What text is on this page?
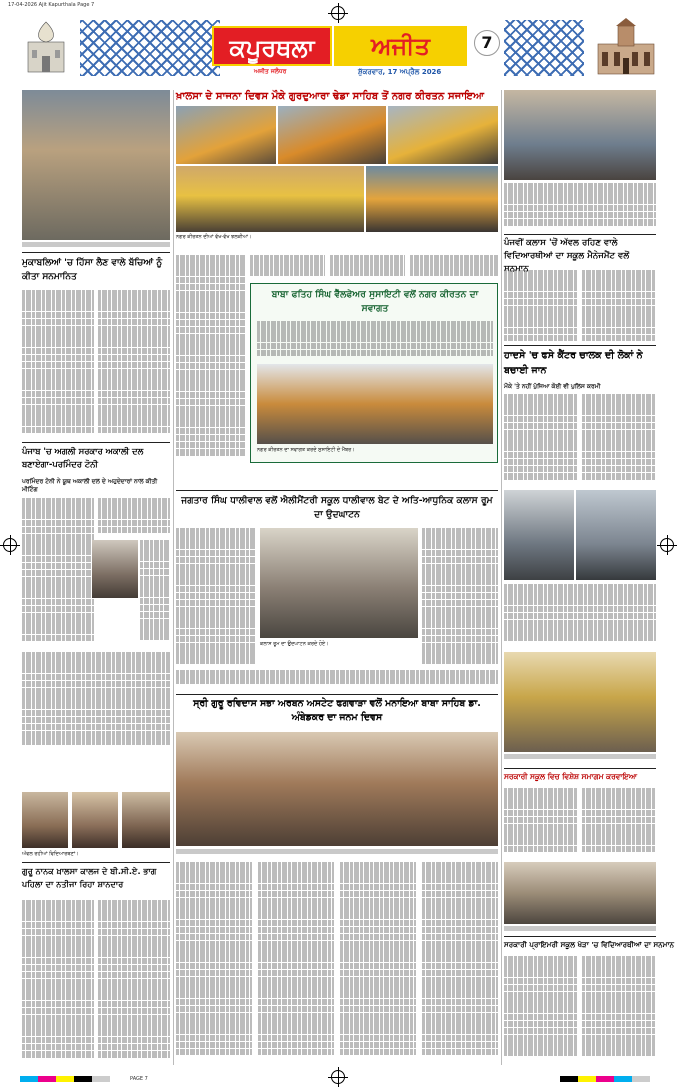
17-04-2026 Ajit Kapurthala Page 7
PAGE 7
ਕਪੂਰਥਲਾ	ਅਜੀਤ
ਅਜੀਤ ਜਲੰਧਰ	ਸ਼ੁੱਕਰਵਾਰ, 17 ਅਪ੍ਰੈਲ 2026
7
ਖ਼ਾਲਸਾ ਦੇ ਸਾਜਨਾ ਦਿਵਸ ਮੌਕੇ ਗੁਰਦੁਆਰਾ ਢੇਡਾ ਸਾਹਿਬ ਤੋਂ ਨਗਰ ਕੀਰਤਨ ਸਜਾਇਆ
ਨਗਰ ਕੀਰਤਨ ਦੀਆਂ ਵੱਖ-ਵੱਖ ਝਲਕੀਆਂ।
ਮੁਕਾਬਲਿਆਂ 'ਚ ਹਿੱਸਾ ਲੈਣ ਵਾਲੇ ਬੱਚਿਆਂ ਨੂੰ ਕੀਤਾ ਸਨਮਾਨਿਤ
ਬਾਬਾ ਫਤਿਹ ਸਿੰਘ ਵੈੱਲਫੇਅਰ ਸੁਸਾਇਟੀ ਵਲੋਂ ਨਗਰ ਕੀਰਤਨ ਦਾ ਸਵਾਗਤ
ਨਗਰ ਕੀਰਤਨ ਦਾ ਸਵਾਗਤ ਕਰਦੇ ਸੁਸਾਇਟੀ ਦੇ ਮੈਂਬਰ।
ਪੰਜਵੀਂ ਕਲਾਸ 'ਚੋਂ ਅੱਵਲ ਰਹਿਣ ਵਾਲੇ ਵਿਦਿਆਰਥੀਆਂ ਦਾ ਸਕੂਲ ਮੈਨੇਜਮੈਂਟ ਵਲੋਂ ਸਨਮਾਨ
ਹਾਦਸੇ 'ਚ ਫਸੇ ਕੈਂਟਰ ਚਾਲਕ ਦੀ ਲੋਕਾਂ ਨੇ ਬਚਾਈ ਜਾਨ
ਮੌਕੇ 'ਤੇ ਨਹੀਂ ਪੁੱਜਿਆ ਕੋਈ ਵੀ ਪੁਲਿਸ ਕਰਮੀ
ਪੰਜਾਬ 'ਚ ਅਗਲੀ ਸਰਕਾਰ ਅਕਾਲੀ ਦਲ ਬਣਾਏਗਾ-ਪਰਮਿੰਦਰ ਟੋਨੀ
ਪਰਮਿੰਦਰ ਟੋਨੀ ਨੇ ਯੂਥ ਅਕਾਲੀ ਦਲ ਦੇ ਅਹੁਦੇਦਾਰਾਂ ਨਾਲ ਕੀਤੀ ਮੀਟਿੰਗ
ਜਗਤਾਰ ਸਿੰਘ ਧਾਲੀਵਾਲ ਵਲੋਂ ਐਲੀਮੈਂਟਰੀ ਸਕੂਲ ਧਾਲੀਵਾਲ ਬੇਟ ਦੇ ਅਤਿ-ਆਧੁਨਿਕ ਕਲਾਸ ਰੂਮ ਦਾ ਉਦਘਾਟਨ
ਕਲਾਸ ਰੂਮ ਦਾ ਉਦਘਾਟਨ ਕਰਦੇ ਹੋਏ।
ਅੱਵਲ ਰਹੀਆਂ ਵਿਦਿਆਰਥਣਾਂ।
ਗੁਰੂ ਨਾਨਕ ਖ਼ਾਲਸਾ ਕਾਲਜ ਦੇ ਬੀ.ਸੀ.ਏ. ਭਾਗ ਪਹਿਲਾ ਦਾ ਨਤੀਜਾ ਰਿਹਾ ਸ਼ਾਨਦਾਰ
ਸ੍ਰੀ ਗੁਰੂ ਰਵਿਦਾਸ ਸਭਾ ਅਰਬਨ ਅਸਟੇਟ ਫਗਵਾੜਾ ਵਲੋਂ ਮਨਾਇਆ ਬਾਬਾ ਸਾਹਿਬ ਡਾ. ਅੰਬੇਡਕਰ ਦਾ ਜਨਮ ਦਿਵਸ
ਸਰਕਾਰੀ ਸਕੂਲ ਵਿਚ ਵਿਸ਼ੇਸ਼ ਸਮਾਗਮ ਕਰਵਾਇਆ
ਸਰਕਾਰੀ ਪ੍ਰਾਇਮਰੀ ਸਕੂਲ ਖੇੜਾ 'ਚ ਵਿਦਿਆਰਥੀਆਂ ਦਾ ਸਨਮਾਨ
